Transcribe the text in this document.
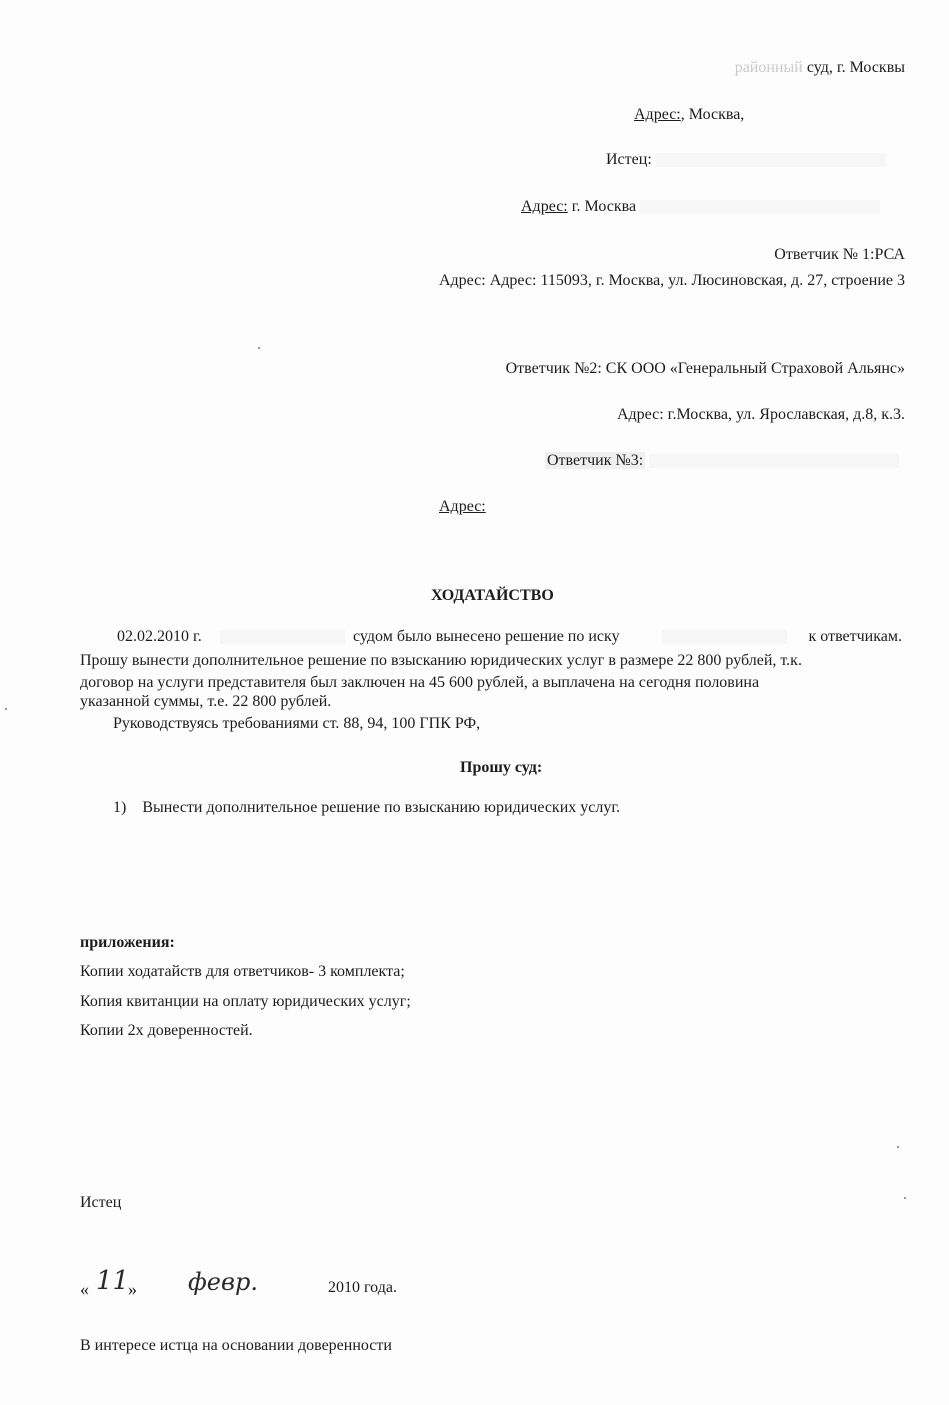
районный суд, г. Москвы
Адрес:, Москва,
Истец:
Адрес: г. Москва
Ответчик № 1:РСА
Адрес: Адрес: 115093, г. Москва, ул. Люсиновская, д. 27, строение 3
Ответчик №2: СК ООО «Генеральный Страховой Альянс»
Адрес: г.Москва, ул. Ярославская, д.8, к.3.
Ответчик №3:
Адрес:
ХОДАТАЙСТВО
02.02.2010 г.	судом было вынесено решение по иску	к ответчикам.
Прошу вынести дополнительное решение по взысканию юридических услуг в размере 22 800 рублей, т.к.
договор на услуги представителя был заключен на 45 600 рублей, а выплачена на сегодня половина
указанной суммы, т.е. 22 800 рублей.
Руководствуясь требованиями ст. 88, 94, 100 ГПК РФ,
Прошу суд:
1) Вынести дополнительное решение по взысканию юридических услуг.
приложения:
Копии ходатайств для ответчиков- 3 комплекта;
Копия квитанции на оплату юридических услуг;
Копии 2х доверенностей.
Истец
« 11
» февр.	2010 года.
В интересе истца на основании доверенности
